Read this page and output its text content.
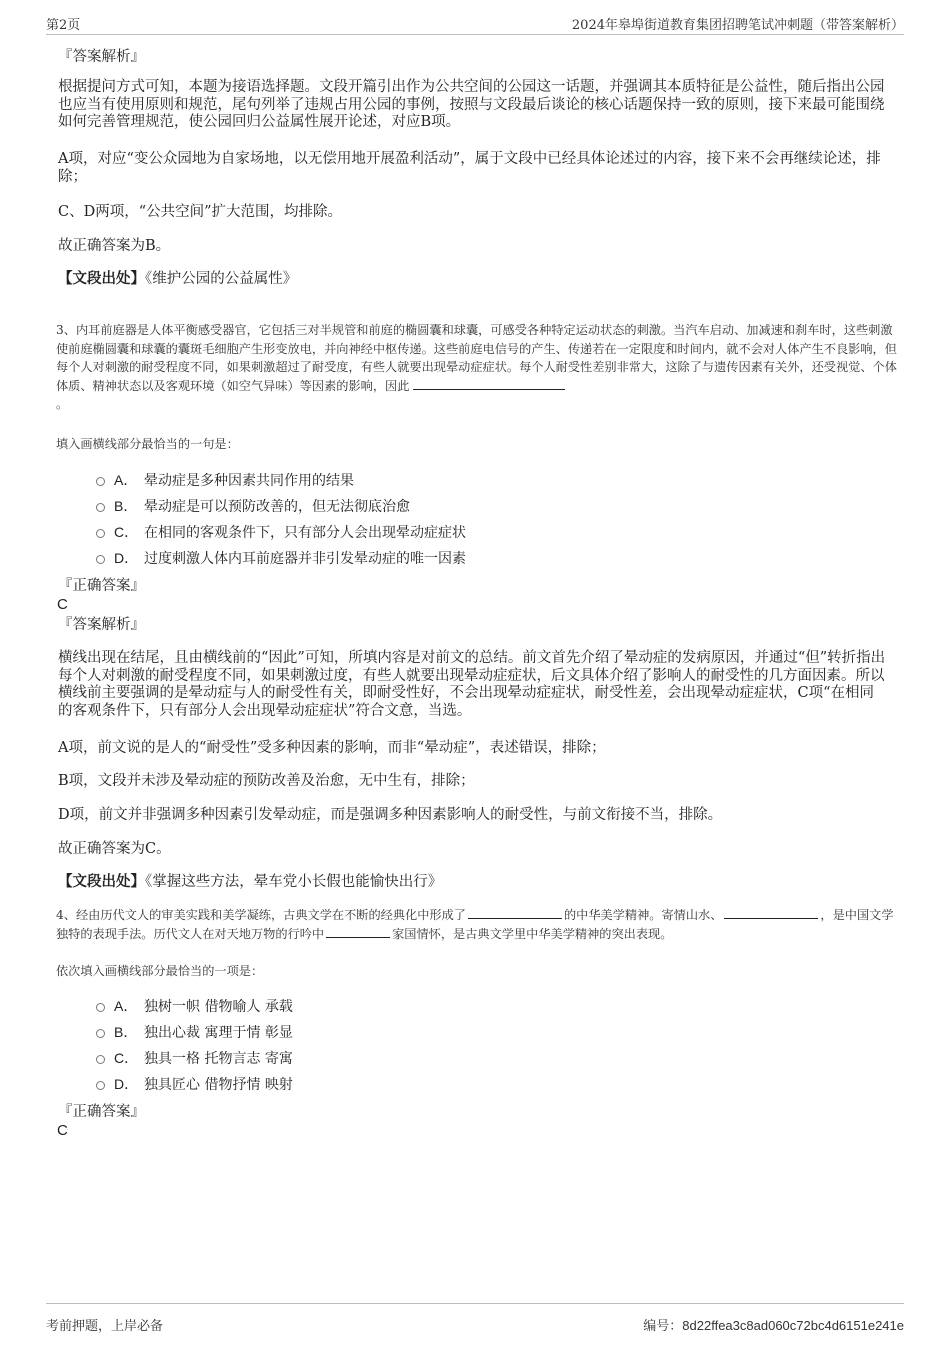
第2页	2024年皋埠街道教育集团招聘笔试冲刺题（带答案解析）
『答案解析』

根据提问方式可知，本题为接语选择题。文段开篇引出作为公共空间的公园这一话题，并强调其本质特征是公益性，随后指出公园也应当有使用原则和规范，尾句列举了违规占用公园的事例，按照与文段最后谈论的核心话题保持一致的原则，接下来最可能围绕如何完善管理规范，使公园回归公益属性展开论述，对应B项。

A项，对应“变公众园地为自家场地，以无偿用地开展盈利活动”，属于文段中已经具体论述过的内容，接下来不会再继续论述，排除；

C、D两项，“公共空间”扩大范围，均排除。

故正确答案为B。

【文段出处】《维护公园的公益属性》

3、内耳前庭器是人体平衡感受器官，它包括三对半规管和前庭的椭圆囊和球囊，可感受各种特定运动状态的刺激。当汽车启动、加减速和刹车时，这些刺激使前庭椭圆囊和球囊的囊斑毛细胞产生形变放电，并向神经中枢传递。这些前庭电信号的产生、传递若在一定限度和时间内，就不会对人体产生不良影响，但每个人对刺激的耐受程度不同，如果刺激超过了耐受度，有些人就要出现晕动症症状。每个人耐受性差别非常大，这除了与遗传因素有关外，还受视觉、个体体质、精神状态以及客观环境（如空气异味）等因素的影响，因此
。

填入画横线部分最恰当的一句是：

A． 晕动症是多种因素共同作用的结果
B． 晕动症是可以预防改善的，但无法彻底治愈
C． 在相同的客观条件下，只有部分人会出现晕动症症状
D． 过度刺激人体内耳前庭器并非引发晕动症的唯一因素
『正确答案』
C
『答案解析』

横线出现在结尾，且由横线前的“因此”可知，所填内容是对前文的总结。前文首先介绍了晕动症的发病原因，并通过“但”转折指出每个人对刺激的耐受程度不同，如果刺激过度，有些人就要出现晕动症症状，后文具体介绍了影响人的耐受性的几方面因素。所以横线前主要强调的是晕动症与人的耐受性有关，即耐受性好，不会出现晕动症症状，耐受性差，会出现晕动症症状，C项“在相同的客观条件下，只有部分人会出现晕动症症状”符合文意，当选。

A项，前文说的是人的“耐受性”受多种因素的影响，而非“晕动症”，表述错误，排除；

B项，文段并未涉及晕动症的预防改善及治愈，无中生有，排除；

D项，前文并非强调多种因素引发晕动症，而是强调多种因素影响人的耐受性，与前文衔接不当，排除。

故正确答案为C。

【文段出处】《掌握这些方法，晕车党小长假也能愉快出行》

4、经由历代文人的审美实践和美学凝练，古典文学在不断的经典化中形成了	的中华美学精神。寄情山水、	，是中国文学独特的表现手法。历代文人在对天地万物的行吟中	家国情怀，是古典文学里中华美学精神的突出表现。

依次填入画横线部分最恰当的一项是：

A． 独树一帜 借物喻人 承载
B． 独出心裁 寓理于情 彰显
C． 独具一格 托物言志 寄寓
D． 独具匠心 借物抒情 映射
『正确答案』
C
考前押题，上岸必备	编号：8d22ffea3c8ad060c72bc4d6151e241e
